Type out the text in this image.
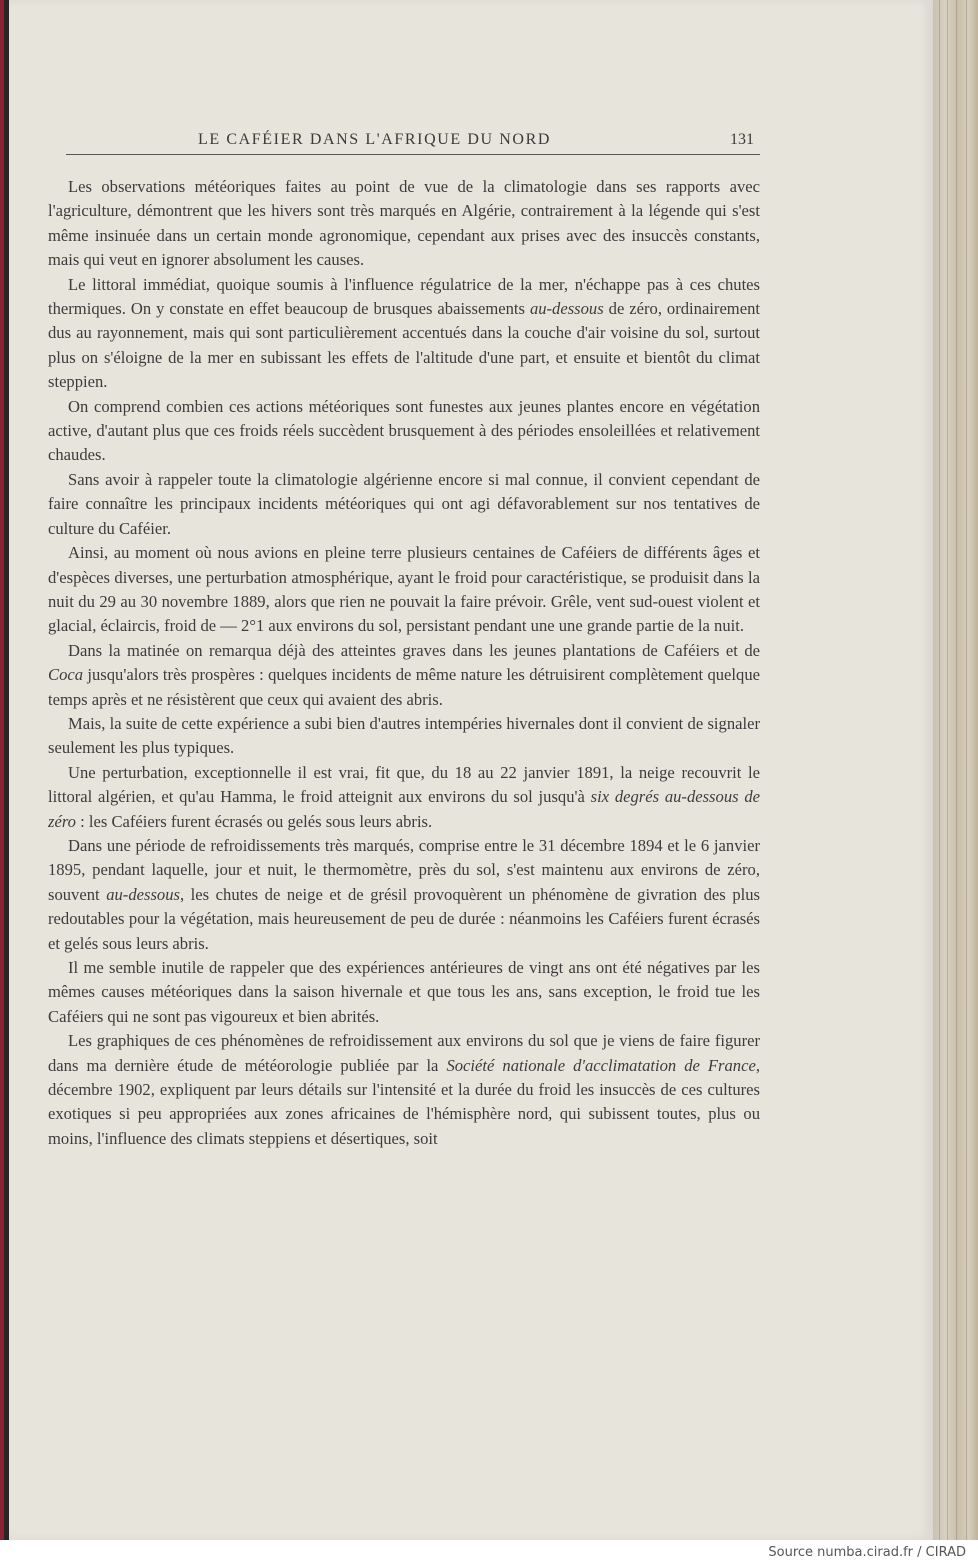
LE CAFÉIER DANS L'AFRIQUE DU NORD	131

Les observations météoriques faites au point de vue de la climatologie dans ses rapports avec l'agriculture, démontrent que les hivers sont très marqués en Algérie, contrairement à la légende qui s'est même insinuée dans un certain monde agronomique, cependant aux prises avec des insuccès constants, mais qui veut en ignorer absolument les causes.

Le littoral immédiat, quoique soumis à l'influence régulatrice de la mer, n'échappe pas à ces chutes thermiques. On y constate en effet beaucoup de brusques abaissements au-dessous de zéro, ordinairement dus au rayonnement, mais qui sont particulièrement accentués dans la couche d'air voisine du sol, surtout plus on s'éloigne de la mer en subissant les effets de l'altitude d'une part, et ensuite et bientôt du climat steppien.

On comprend combien ces actions météoriques sont funestes aux jeunes plantes encore en végétation active, d'autant plus que ces froids réels succèdent brusquement à des périodes ensoleillées et relativement chaudes.

Sans avoir à rappeler toute la climatologie algérienne encore si mal connue, il convient cependant de faire connaître les principaux incidents météoriques qui ont agi défavorablement sur nos tentatives de culture du Caféier.

Ainsi, au moment où nous avions en pleine terre plusieurs centaines de Caféiers de différents âges et d'espèces diverses, une perturbation atmosphérique, ayant le froid pour caractéristique, se produisit dans la nuit du 29 au 30 novembre 1889, alors que rien ne pouvait la faire prévoir. Grêle, vent sud-ouest violent et glacial, éclaircis, froid de — 2°1 aux environs du sol, persistant pendant une une grande partie de la nuit.

Dans la matinée on remarqua déjà des atteintes graves dans les jeunes plantations de Caféiers et de Coca jusqu'alors très prospères : quelques incidents de même nature les détruisirent complètement quelque temps après et ne résistèrent que ceux qui avaient des abris.

Mais, la suite de cette expérience a subi bien d'autres intempéries hivernales dont il convient de signaler seulement les plus typiques.

Une perturbation, exceptionnelle il est vrai, fit que, du 18 au 22 janvier 1891, la neige recouvrit le littoral algérien, et qu'au Hamma, le froid atteignit aux environs du sol jusqu'à six degrés au-dessous de zéro : les Caféiers furent écrasés ou gelés sous leurs abris.

Dans une période de refroidissements très marqués, comprise entre le 31 décembre 1894 et le 6 janvier 1895, pendant laquelle, jour et nuit, le thermomètre, près du sol, s'est maintenu aux environs de zéro, souvent au-dessous, les chutes de neige et de grésil provoquèrent un phénomène de givration des plus redoutables pour la végétation, mais heureusement de peu de durée : néanmoins les Caféiers furent écrasés et gelés sous leurs abris.

Il me semble inutile de rappeler que des expériences antérieures de vingt ans ont été négatives par les mêmes causes météoriques dans la saison hivernale et que tous les ans, sans exception, le froid tue les Caféiers qui ne sont pas vigoureux et bien abrités.

Les graphiques de ces phénomènes de refroidissement aux environs du sol que je viens de faire figurer dans ma dernière étude de météorologie publiée par la Société nationale d'acclimatation de France, décembre 1902, expliquent par leurs détails sur l'intensité et la durée du froid les insuccès de ces cultures exotiques si peu appropriées aux zones africaines de l'hémisphère nord, qui subissent toutes, plus ou moins, l'influence des climats steppiens et désertiques, soit

Source numba.cirad.fr / CIRAD
